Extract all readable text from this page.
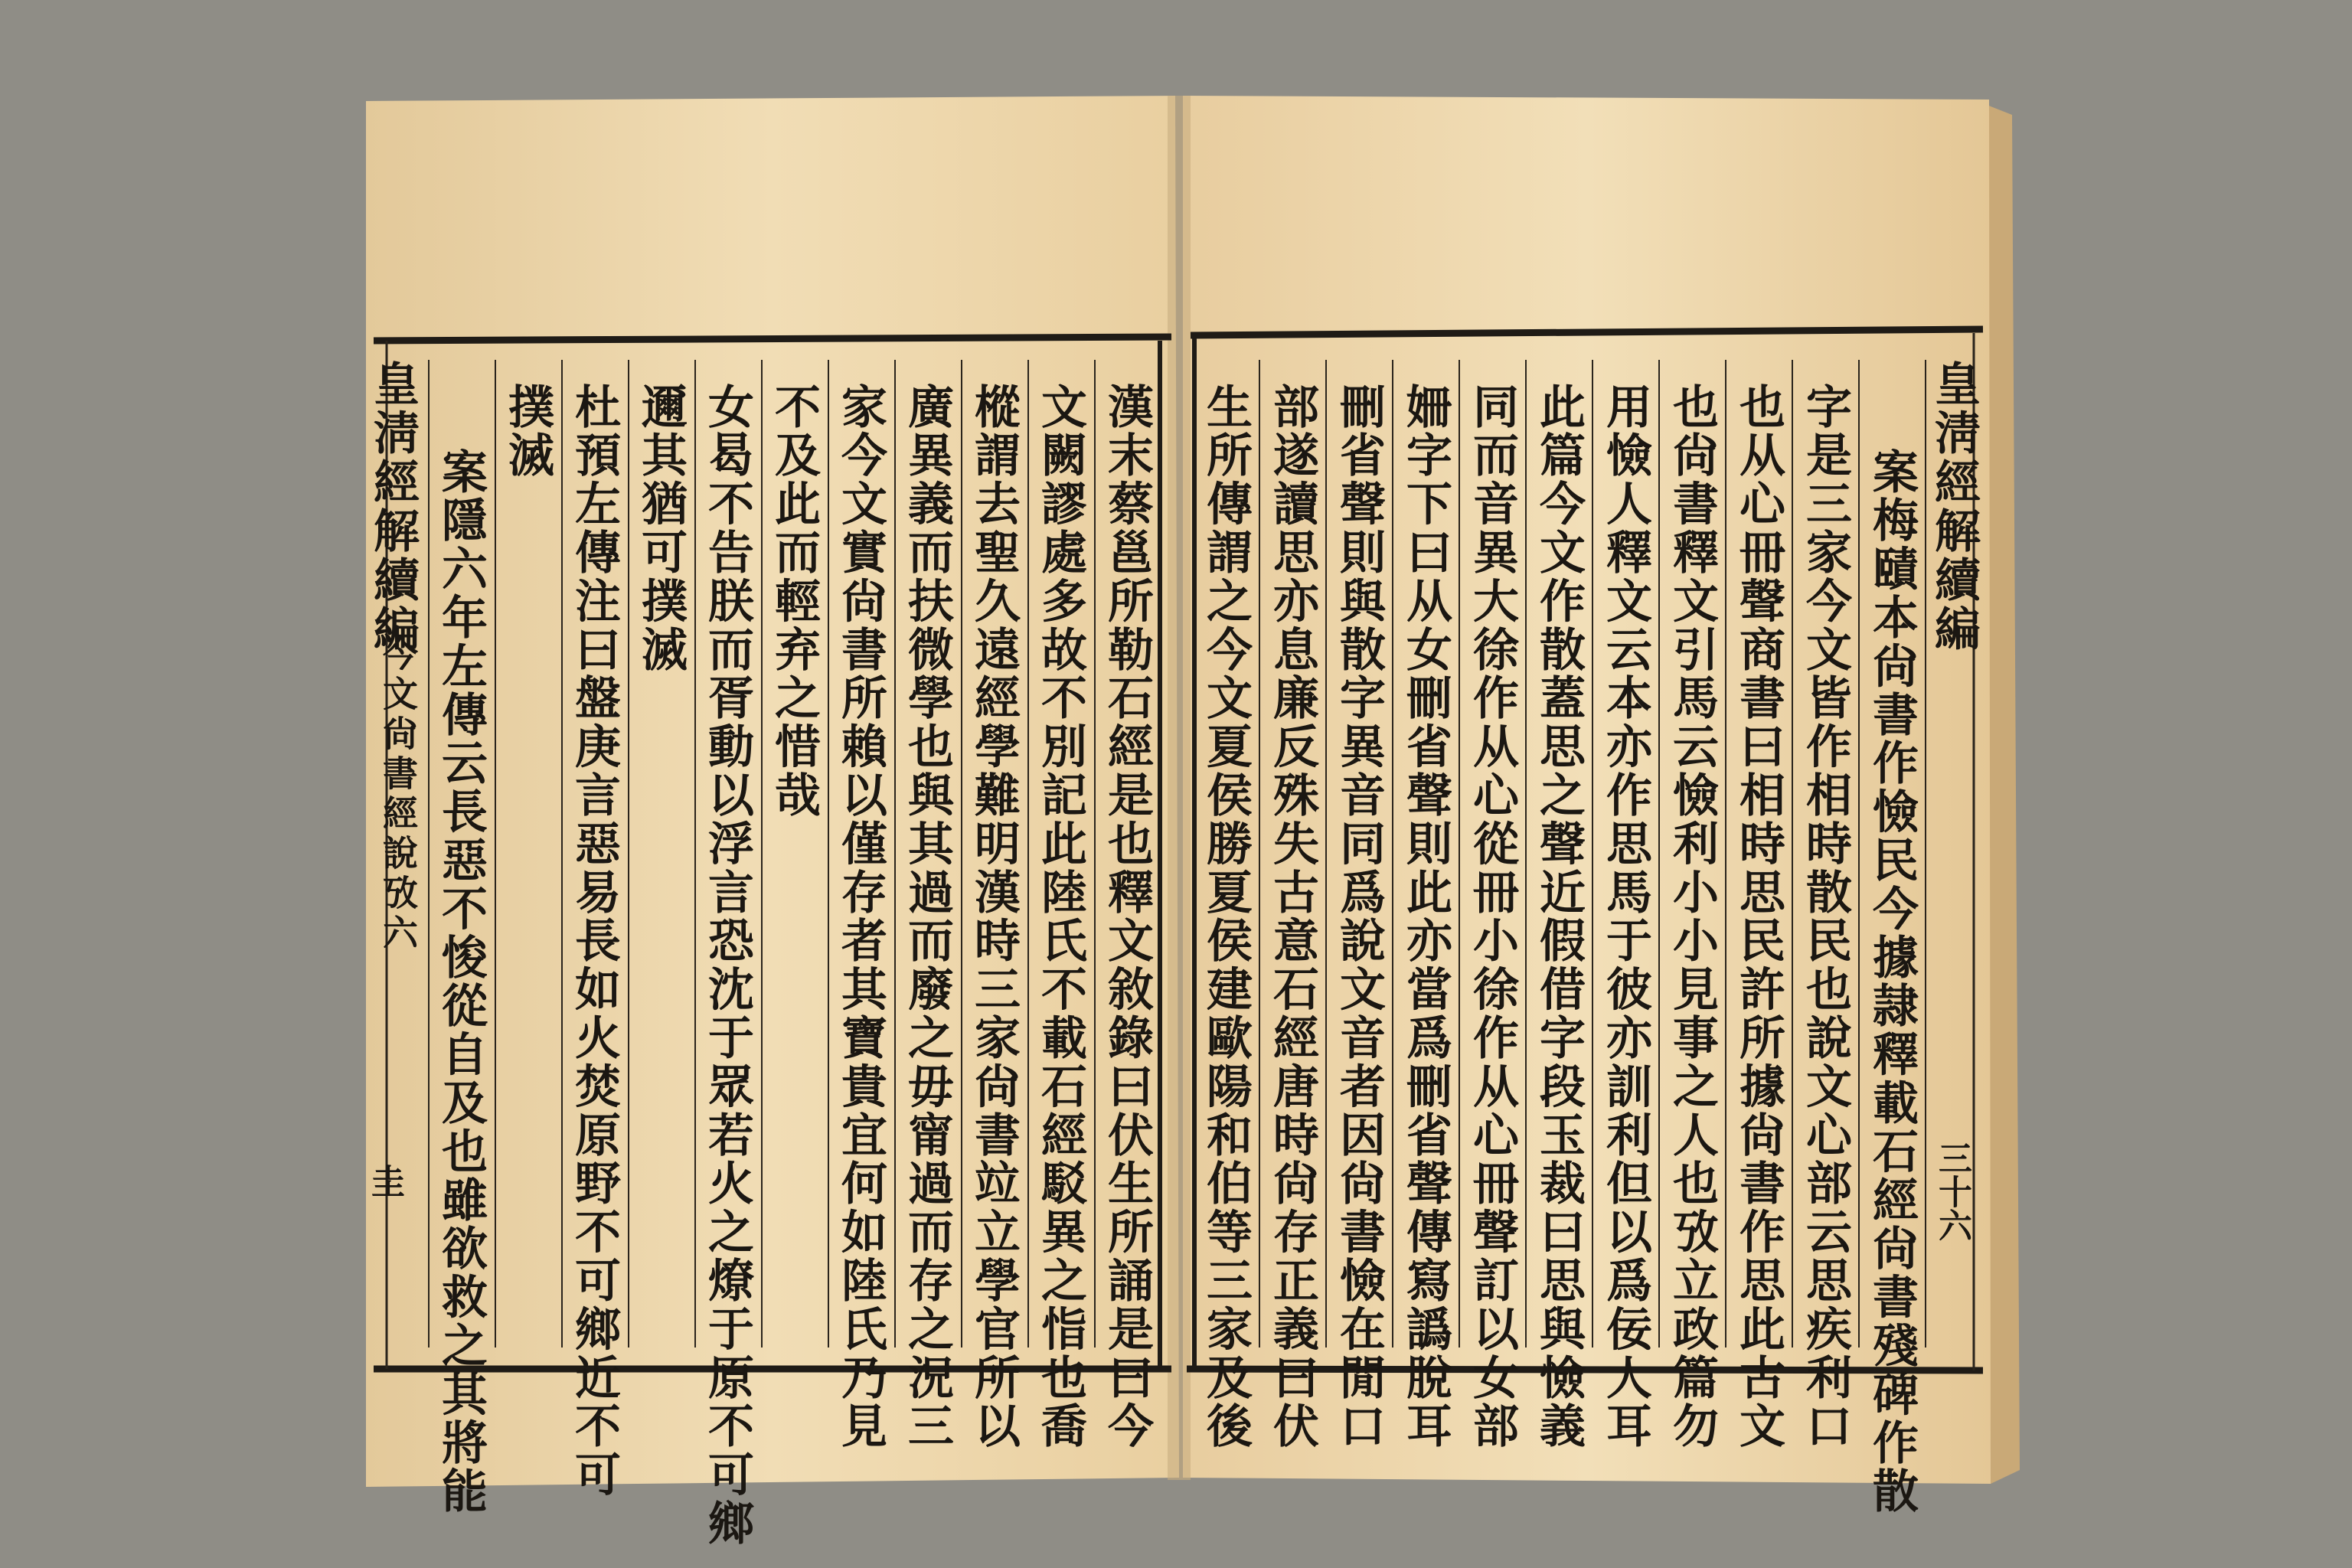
皇淸經解續編
今文尙書經說攷六
圭	漢末蔡邕所勒石經是也釋文敘錄曰伏生所誦是曰今
文闕謬處多故不別記此陸氏不載石經駁異之恉也喬
樅謂去聖久遠經學難明漢時三家尙書竝立學官所以
廣異義而扶微學也與其過而廢之毋甯過而存之況三
家今文實尙書所賴以僅存者其寶貴宜何如陸氏乃見
不及此而輕弃之惜哉
女曷不告朕而胥動以浮言恐沈于眾若火之燎于原不可鄉
邇其猶可撲滅
杜預左傳注曰盤庚言惡易長如火焚原野不可鄉近不可
撲滅
案隱六年左傳云長惡不悛從自及也雖欲救之其將能	皇淸經解續編
三十六
案梅賾本尙書作憸民今據隷釋載石經尙書殘碑作散
字是三家今文皆作相時散民也說文心部云思疾利口
也从心冊聲商書曰相時思民許所據尙書作思此古文
也尙書釋文引馬云憸利小小見事之人也攷立政篇勿
用憸人釋文云本亦作思馬于彼亦訓利但以爲佞人耳
此篇今文作散蓋思之聲近假借字段玉裁曰思與憸義
同而音異大徐作从心從冊小徐作从心冊聲訂以女部
姍字下曰从女刪省聲則此亦當爲刪省聲傳寫譌脫耳
刪省聲則與散字異音同爲說文音者因尙書憸在閒口
部遂讀思亦息廉反殊失古意石經唐時尙存正義曰伏
生所傳謂之今文夏侯勝夏侯建歐陽和伯等三家及後
